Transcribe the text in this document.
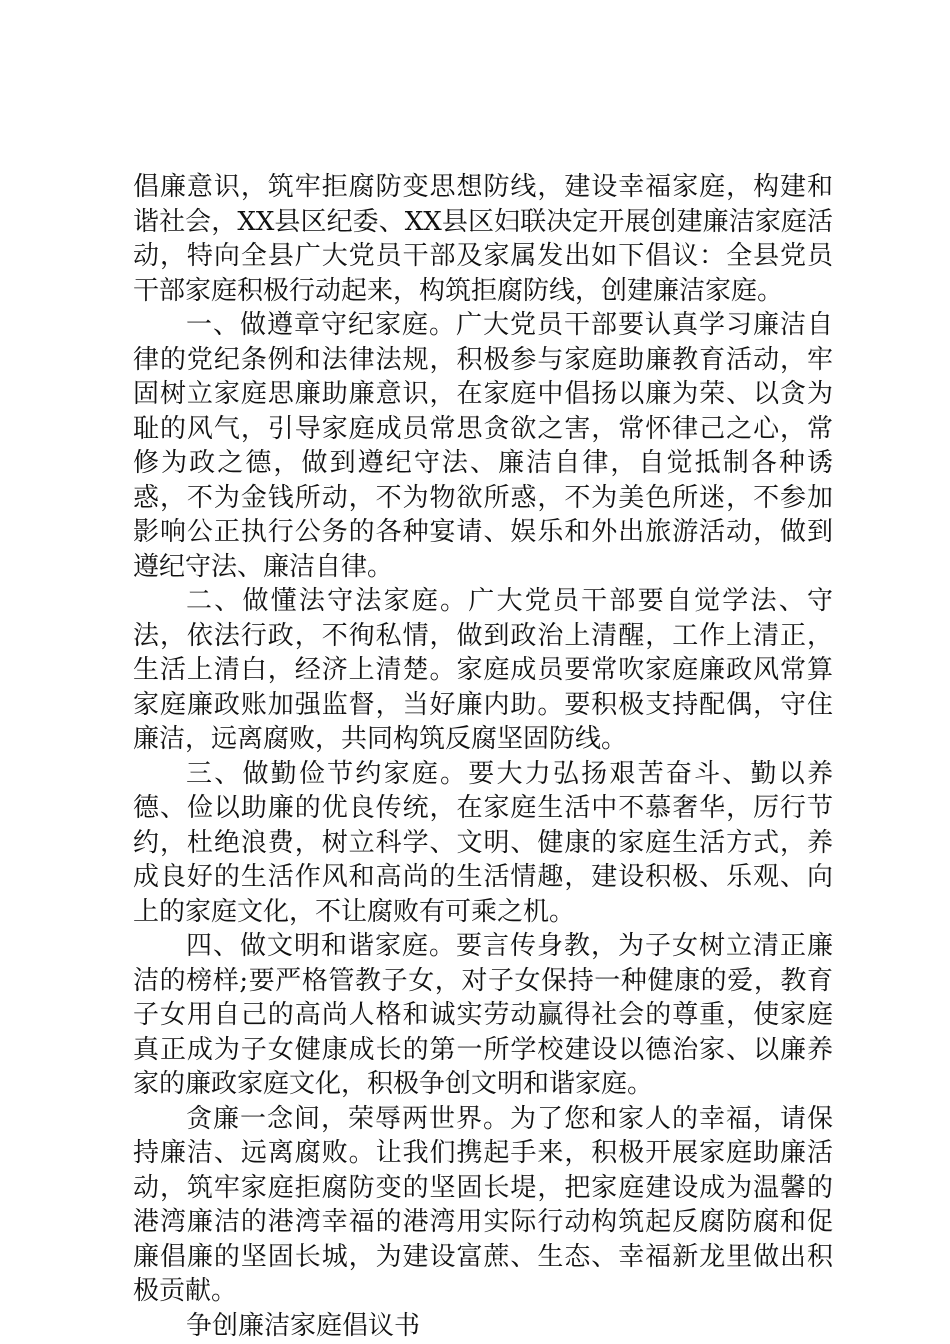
倡廉意识，筑牢拒腐防变思想防线，建设幸福家庭，构建和谐社会，XX县区纪委、XX县区妇联决定开展创建廉洁家庭活动，特向全县广大党员干部及家属发出如下倡议：全县党员干部家庭积极行动起来，构筑拒腐防线，创建廉洁家庭。

一、做遵章守纪家庭。广大党员干部要认真学习廉洁自律的党纪条例和法律法规，积极参与家庭助廉教育活动，牢固树立家庭思廉助廉意识，在家庭中倡扬以廉为荣、以贪为耻的风气，引导家庭成员常思贪欲之害，常怀律己之心，常修为政之德，做到遵纪守法、廉洁自律，自觉抵制各种诱惑，不为金钱所动，不为物欲所惑，不为美色所迷，不参加影响公正执行公务的各种宴请、娱乐和外出旅游活动，做到遵纪守法、廉洁自律。

二、做懂法守法家庭。广大党员干部要自觉学法、守法，依法行政，不徇私情，做到政治上清醒，工作上清正，生活上清白，经济上清楚。家庭成员要常吹家庭廉政风常算家庭廉政账加强监督，当好廉内助。要积极支持配偶，守住廉洁，远离腐败，共同构筑反腐坚固防线。

三、做勤俭节约家庭。要大力弘扬艰苦奋斗、勤以养德、俭以助廉的优良传统，在家庭生活中不慕奢华，厉行节约，杜绝浪费，树立科学、文明、健康的家庭生活方式，养成良好的生活作风和高尚的生活情趣，建设积极、乐观、向上的家庭文化，不让腐败有可乘之机。

四、做文明和谐家庭。要言传身教，为子女树立清正廉洁的榜样;要严格管教子女，对子女保持一种健康的爱，教育子女用自己的高尚人格和诚实劳动赢得社会的尊重，使家庭真正成为子女健康成长的第一所学校建设以德治家、以廉养家的廉政家庭文化，积极争创文明和谐家庭。

贪廉一念间，荣辱两世界。为了您和家人的幸福，请保持廉洁、远离腐败。让我们携起手来，积极开展家庭助廉活动，筑牢家庭拒腐防变的坚固长堤，把家庭建设成为温馨的港湾廉洁的港湾幸福的港湾用实际行动构筑起反腐防腐和促廉倡廉的坚固长城，为建设富蔗、生态、幸福新龙里做出积极贡献。

争创廉洁家庭倡议书
